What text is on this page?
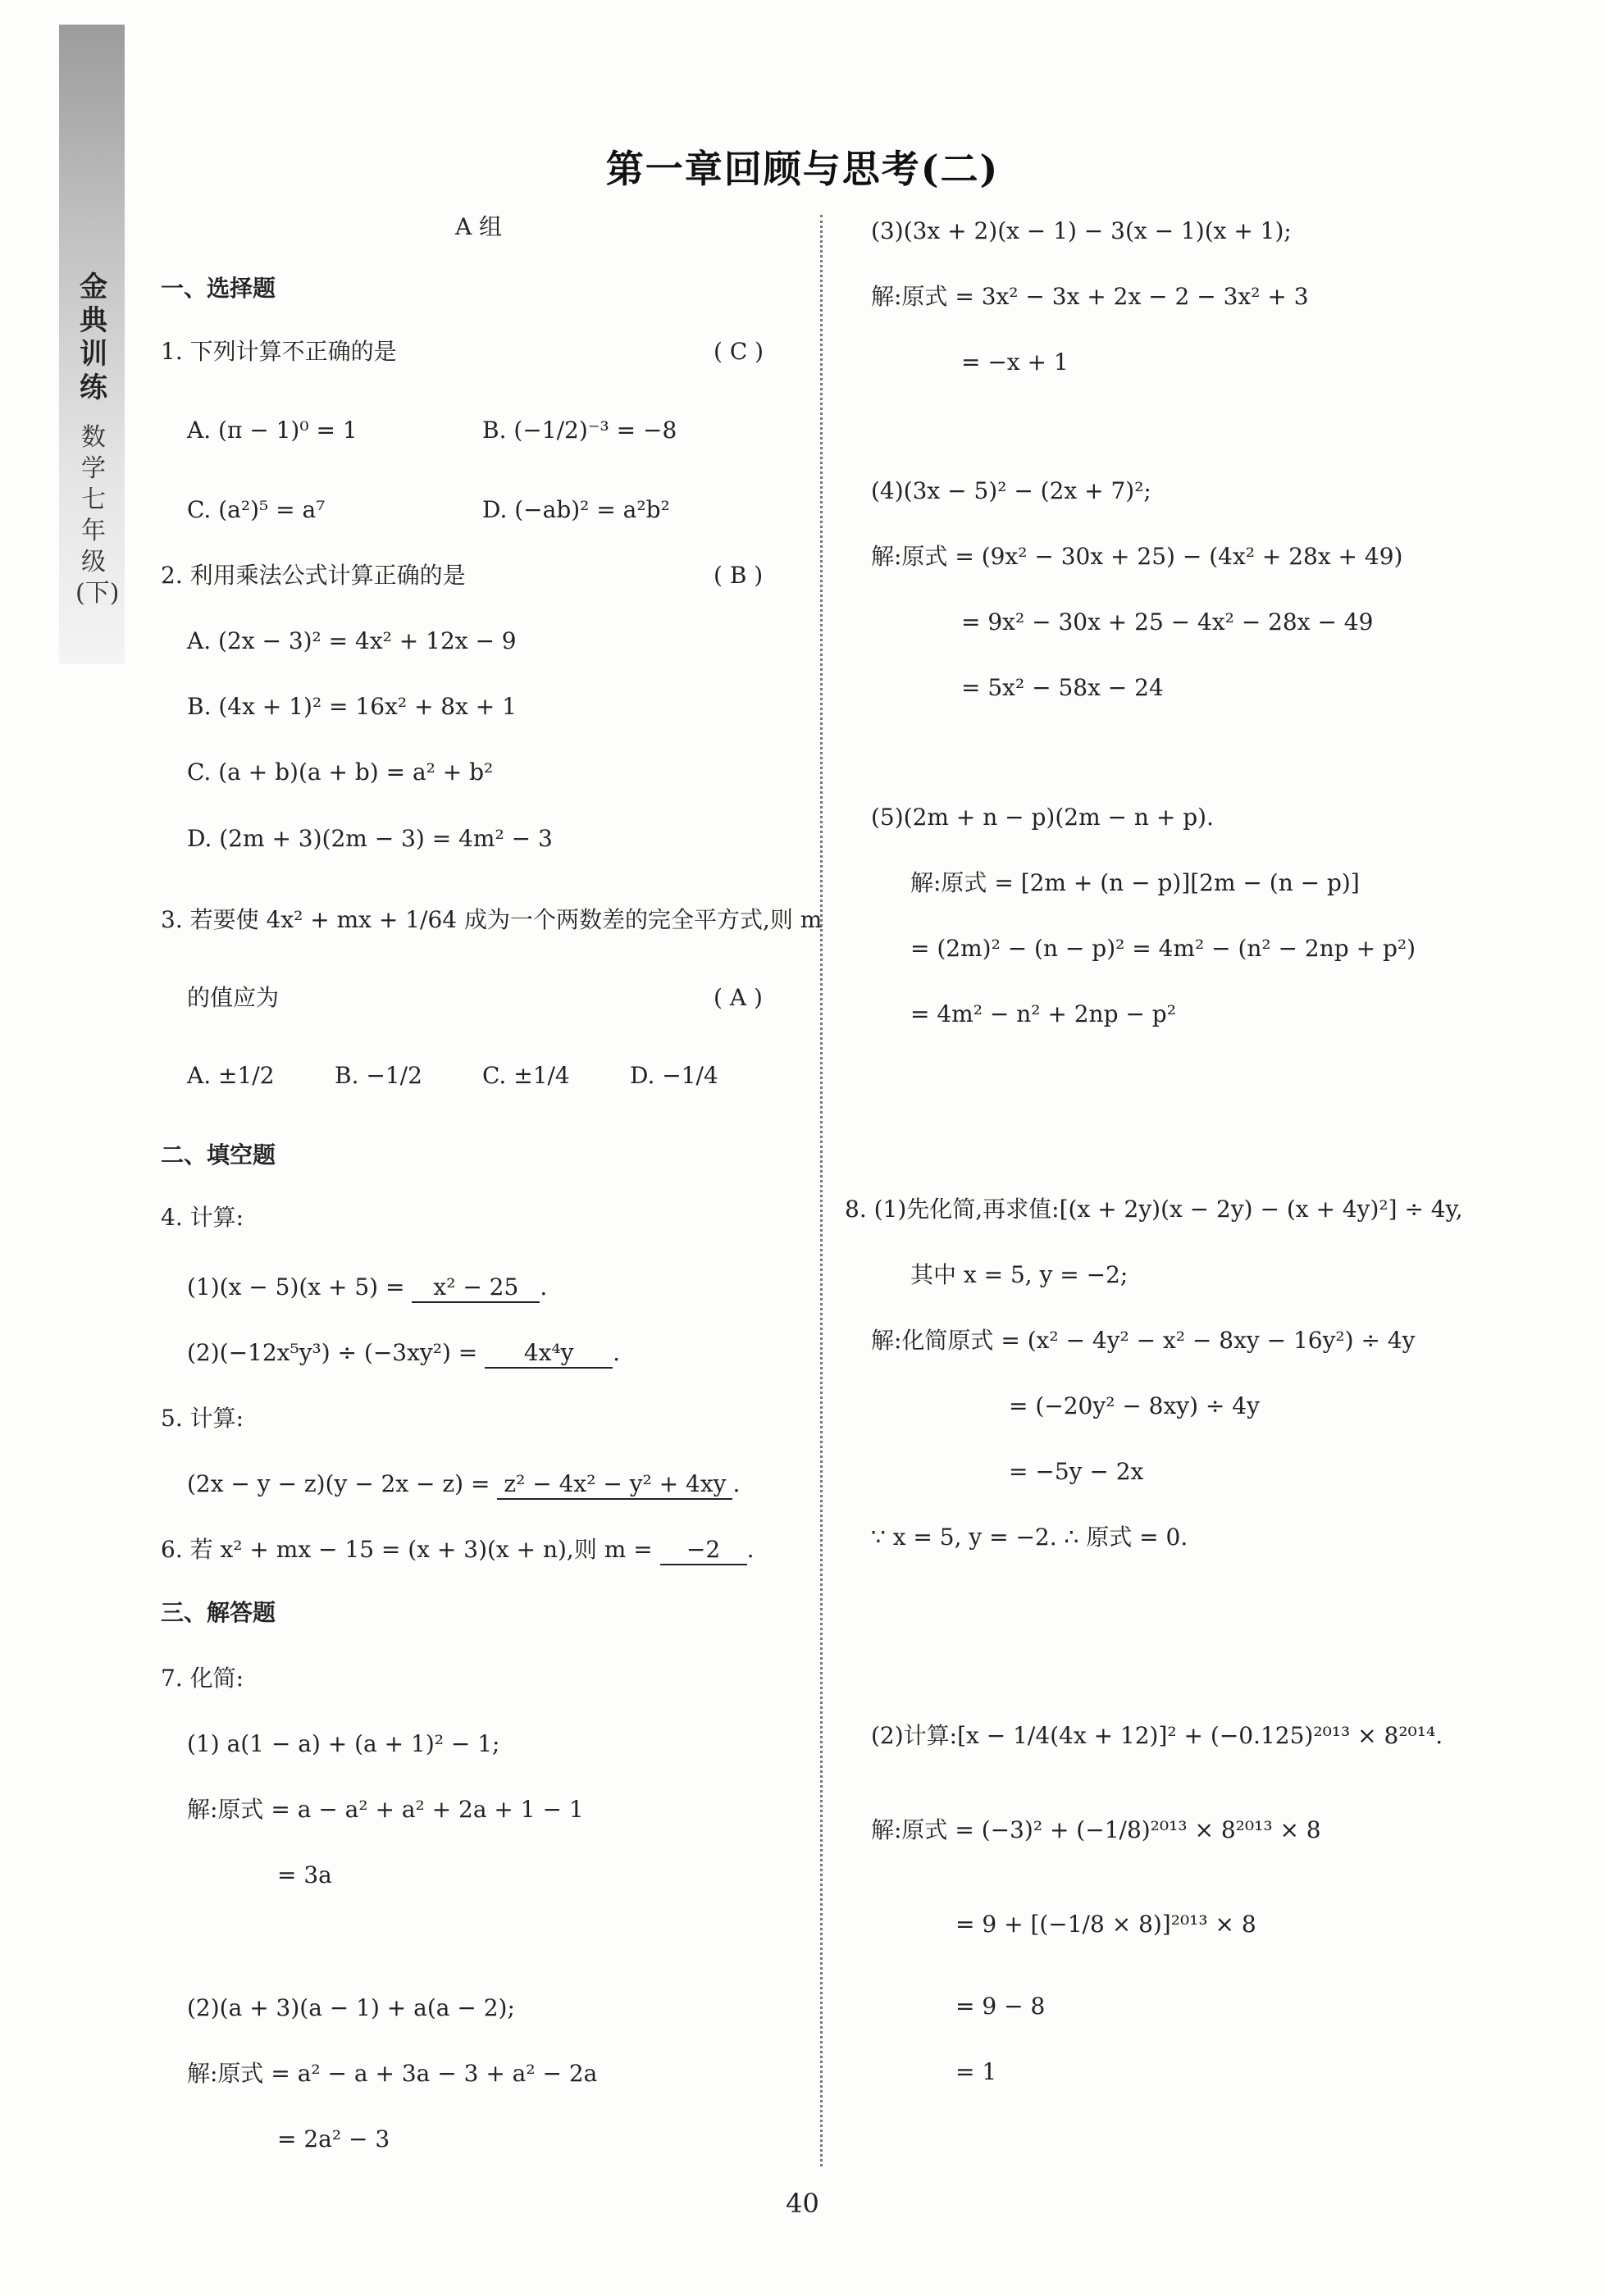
金典训练
数学 七年级(下)
第一章回顾与思考(二)
A 组
一、选择题
1. 下列计算不正确的是	( C )
A. (π − 1)⁰ = 1	B. (−1/2)⁻³ = −8
C. (a²)⁵ = a⁷	D. (−ab)² = a²b²
2. 利用乘法公式计算正确的是	( B )
A. (2x − 3)² = 4x² + 12x − 9
B. (4x + 1)² = 16x² + 8x + 1
C. (a + b)(a + b) = a² + b²
D. (2m + 3)(2m − 3) = 4m² − 3
3. 若要使 4x² + mx + 1/64 成为一个两数差的完全平方式,则 m
的值应为	( A )
A. ±1/2	B. −1/2	C. ±1/4	D. −1/4
二、填空题
4. 计算:
(1)(x − 5)(x + 5) = x² − 25 .
(2)(−12x⁵y³) ÷ (−3xy²) = 4x⁴y .
5. 计算:
(2x − y − z)(y − 2x − z) = z² − 4x² − y² + 4xy .
6. 若 x² + mx − 15 = (x + 3)(x + n),则 m = −2 .
三、解答题
7. 化简:
(1) a(1 − a) + (a + 1)² − 1;
解:原式 = a − a² + a² + 2a + 1 − 1
= 3a
(2)(a + 3)(a − 1) + a(a − 2);
解:原式 = a² − a + 3a − 3 + a² − 2a
= 2a² − 3
(3)(3x + 2)(x − 1) − 3(x − 1)(x + 1);
解:原式 = 3x² − 3x + 2x − 2 − 3x² + 3
= −x + 1
(4)(3x − 5)² − (2x + 7)²;
解:原式 = (9x² − 30x + 25) − (4x² + 28x + 49)
= 9x² − 30x + 25 − 4x² − 28x − 49
= 5x² − 58x − 24
(5)(2m + n − p)(2m − n + p).
解:原式 = [2m + (n − p)][2m − (n − p)]
= (2m)² − (n − p)² = 4m² − (n² − 2np + p²)
= 4m² − n² + 2np − p²
8. (1)先化简,再求值:[(x + 2y)(x − 2y) − (x + 4y)²] ÷ 4y,
其中 x = 5, y = −2;
解:化简原式 = (x² − 4y² − x² − 8xy − 16y²) ÷ 4y
= (−20y² − 8xy) ÷ 4y
= −5y − 2x
∵ x = 5, y = −2. ∴ 原式 = 0.
(2)计算:[x − 1/4(4x + 12)]² + (−0.125)²⁰¹³ × 8²⁰¹⁴.
解:原式 = (−3)² + (−1/8)²⁰¹³ × 8²⁰¹³ × 8
= 9 + [(−1/8 × 8)]²⁰¹³ × 8
= 9 − 8
= 1
40
